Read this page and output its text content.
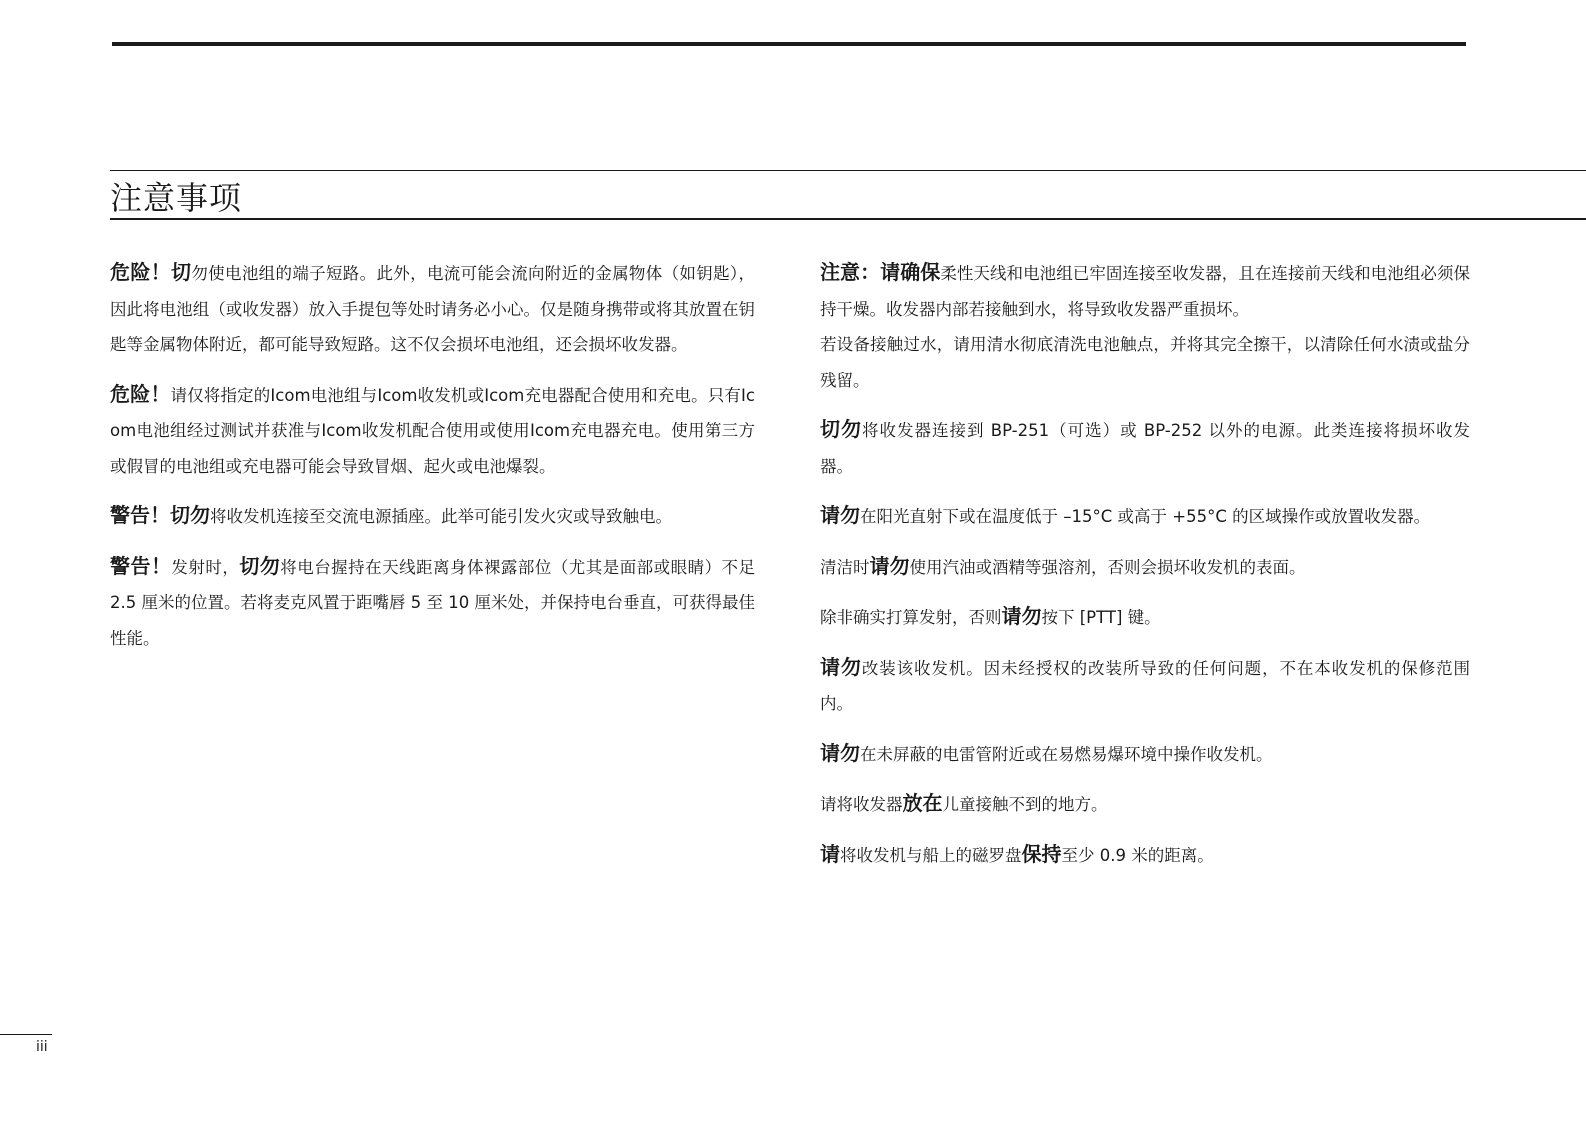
注意事项

危险！切勿使电池组的端子短路。此外，电流可能会流向附近的金属物体（如钥匙），因此将电池组（或收发器）放入手提包等处时请务必小心。仅是随身携带或将其放置在钥匙等金属物体附近，都可能导致短路。这不仅会损坏电池组，还会损坏收发器。

危险！请仅将指定的Icom电池组与Icom收发机或Icom充电器配合使用和充电。只有Icom电池组经过测试并获准与Icom收发机配合使用或使用Icom充电器充电。使用第三方或假冒的电池组或充电器可能会导致冒烟、起火或电池爆裂。

警告！切勿将收发机连接至交流电源插座。此举可能引发火灾或导致触电。

警告！发射时，切勿将电台握持在天线距离身体裸露部位（尤其是面部或眼睛）不足 2.5 厘米的位置。若将麦克风置于距嘴唇 5 至 10 厘米处，并保持电台垂直，可获得最佳性能。

注意：请确保柔性天线和电池组已牢固连接至收发器，且在连接前天线和电池组必须保持干燥。收发器内部若接触到水，将导致收发器严重损坏。

若设备接触过水，请用清水彻底清洗电池触点，并将其完全擦干，以清除任何水渍或盐分残留。

切勿将收发器连接到 BP-251（可选）或 BP-252 以外的电源。此类连接将损坏收发器。

请勿在阳光直射下或在温度低于 –15°C 或高于 +55°C 的区域操作或放置收发器。

清洁时请勿使用汽油或酒精等强溶剂，否则会损坏收发机的表面。

除非确实打算发射，否则请勿按下 [PTT] 键。

请勿改装该收发机。因未经授权的改装所导致的任何问题，不在本收发机的保修范围内。

请勿在未屏蔽的电雷管附近或在易燃易爆环境中操作收发机。

请将收发器放在儿童接触不到的地方。

请将收发机与船上的磁罗盘保持至少 0.9 米的距离。

iii
